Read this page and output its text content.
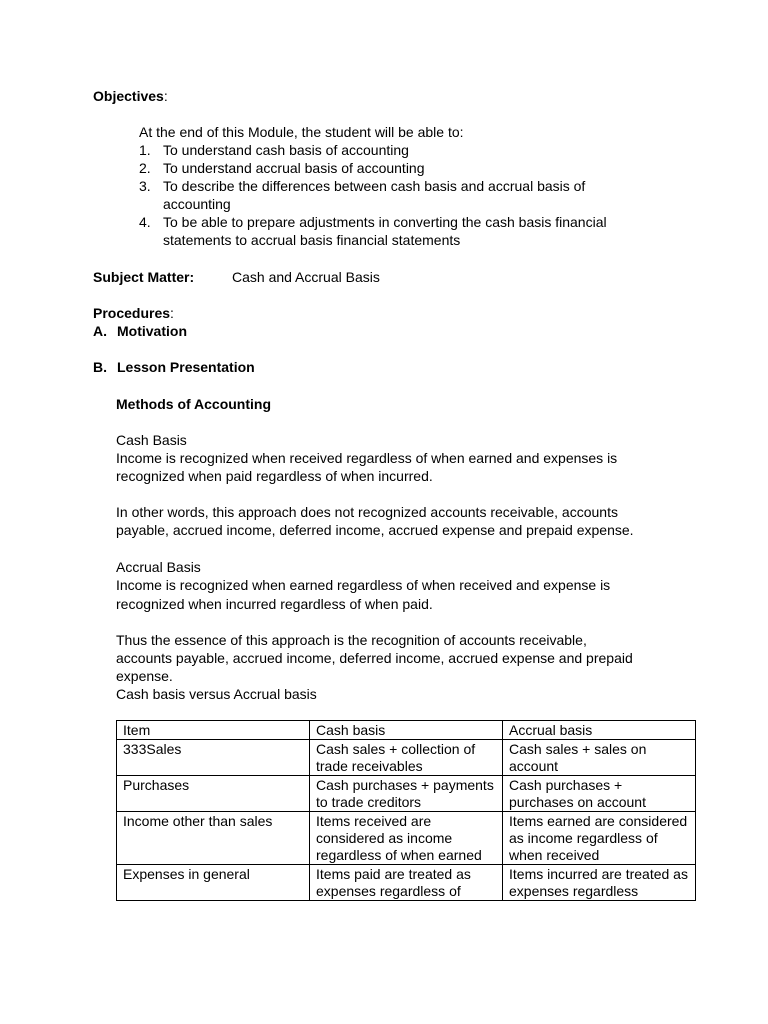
Objectives:
At the end of this Module, the student will be able to:
1. To understand cash basis of accounting
2. To understand accrual basis of accounting
3. To describe the differences between cash basis and accrual basis of
accounting
4. To be able to prepare adjustments in converting the cash basis financial
statements to accrual basis financial statements
Subject Matter:	Cash and Accrual Basis
Procedures:
A. Motivation
B. Lesson Presentation
Methods of Accounting
Cash Basis
Income is recognized when received regardless of when earned and expenses is
recognized when paid regardless of when incurred.
In other words, this approach does not recognized accounts receivable, accounts
payable, accrued income, deferred income, accrued expense and prepaid expense.
Accrual Basis
Income is recognized when earned regardless of when received and expense is
recognized when incurred regardless of when paid.
Thus the essence of this approach is the recognition of accounts receivable,
accounts payable, accrued income, deferred income, accrued expense and prepaid
expense.
Cash basis versus Accrual basis
Item	Cash basis	Accrual basis
333Sales	Cash sales + collection of trade receivables	Cash sales + sales on account
Purchases	Cash purchases + payments to trade creditors	Cash purchases + purchases on account
Income other than sales	Items received are considered as income regardless of when earned	Items earned are considered as income regardless of when received
Expenses in general	Items paid are treated as expenses regardless of	Items incurred are treated as expenses regardless
